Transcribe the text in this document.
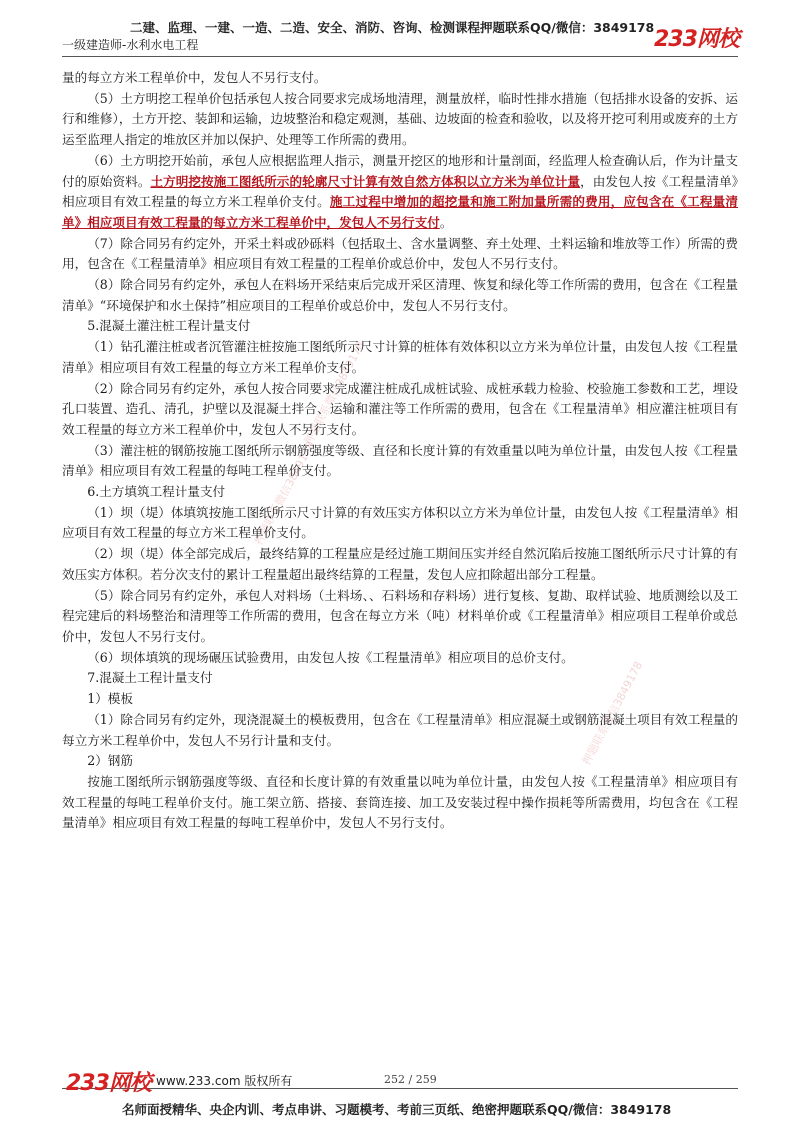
二建、监理、一建、一造、二造、安全、消防、咨询、检测课程押题联系QQ/微信：3849178
一级建造师-水利水电工程	233网校
押题联系微信3849178
押题联系微信3849178
押题联系微信3849178

量的每立方米工程单价中，发包人不另行支付。

（5）土方明挖工程单价包括承包人按合同要求完成场地清理，测量放样，临时性排水措施（包括排水设备的安拆、运行和维修），土方开挖、装卸和运输，边坡整治和稳定观测，基础、边坡面的检查和验收，以及将开挖可利用或废弃的土方运至监理人指定的堆放区并加以保护、处理等工作所需的费用。

（6）土方明挖开始前，承包人应根据监理人指示，测量开挖区的地形和计量剖面，经监理人检查确认后，作为计量支付的原始资料。土方明挖按施工图纸所示的轮廓尺寸计算有效自然方体积以立方米为单位计量，由发包人按《工程量清单》相应项目有效工程量的每立方米工程单价支付。施工过程中增加的超挖量和施工附加量所需的费用，应包含在《工程量清单》相应项目有效工程量的每立方米工程单价中，发包人不另行支付。

（7）除合同另有约定外，开采土料或砂砾料（包括取土、含水量调整、弃土处理、土料运输和堆放等工作）所需的费用，包含在《工程量清单》相应项目有效工程量的工程单价或总价中，发包人不另行支付。

（8）除合同另有约定外，承包人在料场开采结束后完成开采区清理、恢复和绿化等工作所需的费用，包含在《工程量清单》“环境保护和水土保持”相应项目的工程单价或总价中，发包人不另行支付。

5.混凝土灌注桩工程计量支付

（1）钻孔灌注桩或者沉管灌注桩按施工图纸所示尺寸计算的桩体有效体积以立方米为单位计量，由发包人按《工程量清单》相应项目有效工程量的每立方米工程单价支付。

（2）除合同另有约定外，承包人按合同要求完成灌注桩成孔成桩试验、成桩承载力检验、校验施工参数和工艺，埋设孔口装置、造孔、清孔，护壁以及混凝土拌合、运输和灌注等工作所需的费用，包含在《工程量清单》相应灌注桩项目有效工程量的每立方米工程单价中，发包人不另行支付。

（3）灌注桩的钢筋按施工图纸所示钢筋强度等级、直径和长度计算的有效重量以吨为单位计量，由发包人按《工程量清单》相应项目有效工程量的每吨工程单价支付。

6.土方填筑工程计量支付

（1）坝（堤）体填筑按施工图纸所示尺寸计算的有效压实方体积以立方米为单位计量，由发包人按《工程量清单》相应项目有效工程量的每立方米工程单价支付。

（2）坝（堤）体全部完成后，最终结算的工程量应是经过施工期间压实并经自然沉陷后按施工图纸所示尺寸计算的有效压实方体积。若分次支付的累计工程量超出最终结算的工程量，发包人应扣除超出部分工程量。

（5）除合同另有约定外，承包人对料场（土料场、、石料场和存料场）进行复核、复勘、取样试验、地质测绘以及工程完建后的料场整治和清理等工作所需的费用，包含在每立方米（吨）材料单价或《工程量清单》相应项目工程单价或总价中，发包人不另行支付。

（6）坝体填筑的现场碾压试验费用，由发包人按《工程量清单》相应项目的总价支付。

7.混凝土工程计量支付

1）模板

（1）除合同另有约定外，现浇混凝土的模板费用，包含在《工程量清单》相应混凝土或钢筋混凝土项目有效工程量的每立方米工程单价中，发包人不另行计量和支付。

2）钢筋

按施工图纸所示钢筋强度等级、直径和长度计算的有效重量以吨为单位计量，由发包人按《工程量清单》相应项目有效工程量的每吨工程单价支付。施工架立筋、搭接、套筒连接、加工及安装过程中操作损耗等所需费用，均包含在《工程量清单》相应项目有效工程量的每吨工程单价中，发包人不另行支付。

233网校 www.233.com 版权所有	252 / 259
名师面授精华、央企内训、考点串讲、习题模考、考前三页纸、绝密押题联系QQ/微信：3849178
